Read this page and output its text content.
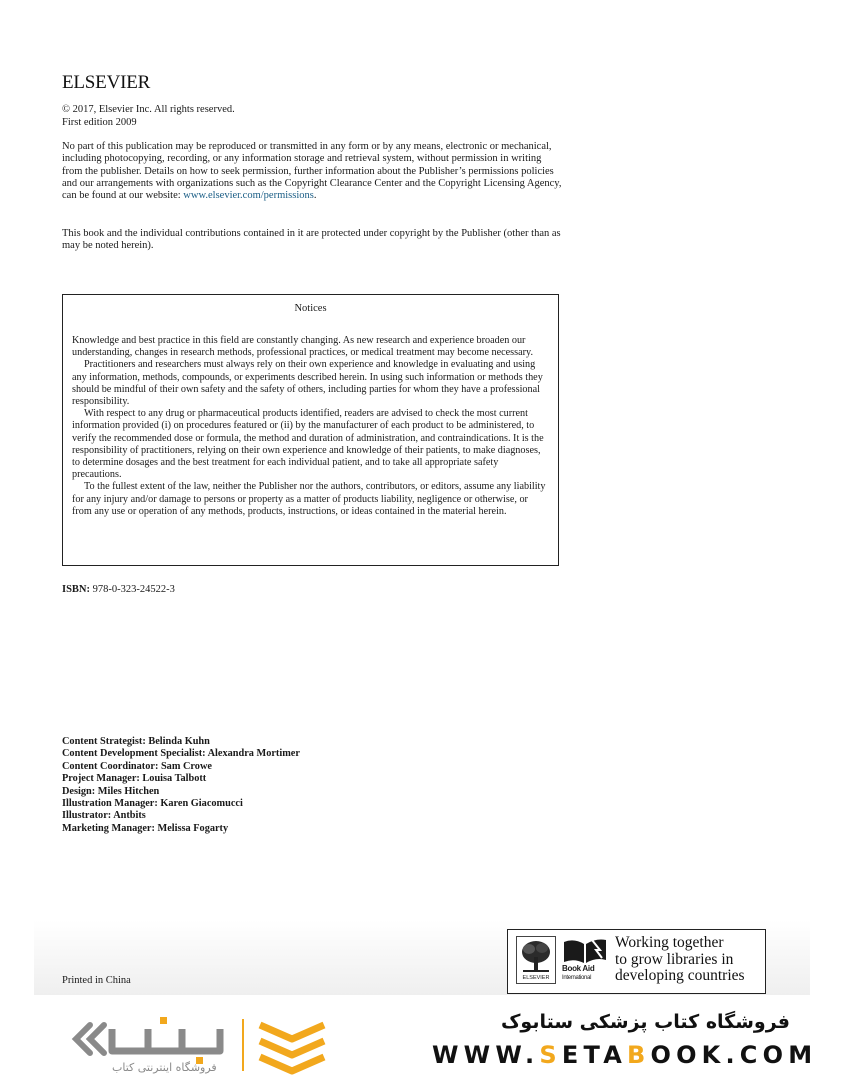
ELSEVIER
© 2017, Elsevier Inc. All rights reserved.
First edition 2009
No part of this publication may be reproduced or transmitted in any form or by any means, electronic or mechanical, including photocopying, recording, or any information storage and retrieval system, without permission in writing from the publisher. Details on how to seek permission, further information about the Publisher’s permissions policies and our arrangements with organizations such as the Copyright Clearance Center and the Copyright Licensing Agency, can be found at our website: www.elsevier.com/permissions.
This book and the individual contributions contained in it are protected under copyright by the Publisher (other than as may be noted herein).
Notices

Knowledge and best practice in this field are constantly changing. As new research and experience broaden our understanding, changes in research methods, professional practices, or medical treatment may become necessary.

Practitioners and researchers must always rely on their own experience and knowledge in evaluating and using any information, methods, compounds, or experiments described herein. In using such information or methods they should be mindful of their own safety and the safety of others, including parties for whom they have a professional responsibility.

With respect to any drug or pharmaceutical products identified, readers are advised to check the most current information provided (i) on procedures featured or (ii) by the manufacturer of each product to be administered, to verify the recommended dose or formula, the method and duration of administration, and contraindications. It is the responsibility of practitioners, relying on their own experience and knowledge of their patients, to make diagnoses, to determine dosages and the best treatment for each individual patient, and to take all appropriate safety precautions.

To the fullest extent of the law, neither the Publisher nor the authors, contributors, or editors, assume any liability for any injury and/or damage to persons or property as a matter of products liability, negligence or otherwise, or from any use or operation of any methods, products, instructions, or ideas contained in the material herein.

ISBN: 978-0-323-24522-3
Content Strategist: Belinda Kuhn
Content Development Specialist: Alexandra Mortimer
Content Coordinator: Sam Crowe
Project Manager: Louisa Talbott
Design: Miles Hitchen
Illustration Manager: Karen Giacomucci
Illustrator: Antbits
Marketing Manager: Melissa Fogarty
Printed in China	ELSEVIER
Book Aid
International
Working together
to grow libraries in
developing countries
فروشگاه اینترنتی کتاب
فروشگاه کتاب پزشکی ستابوک
WWW.SETABOOK.COM
